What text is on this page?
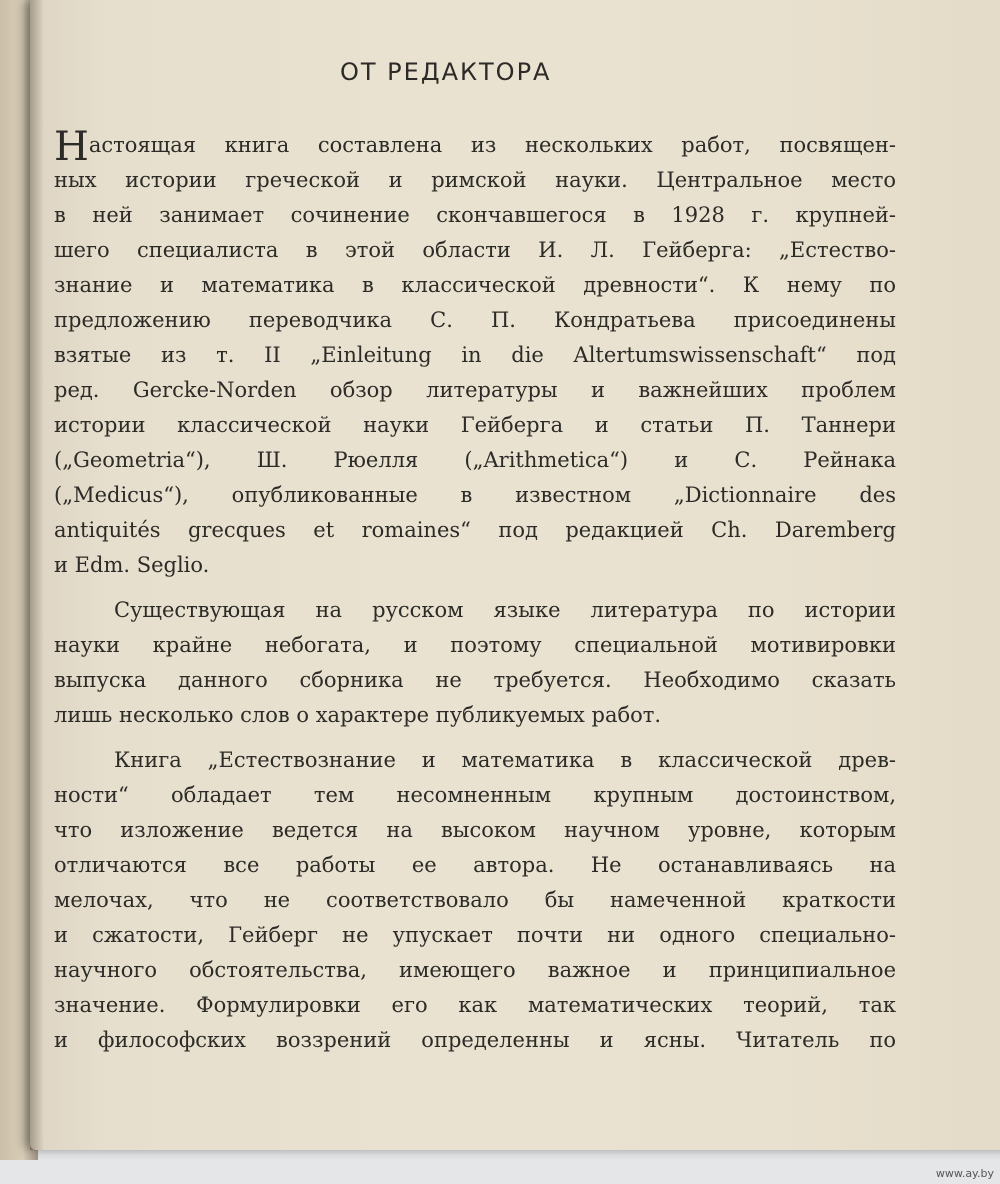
ОТ РЕДАКТОРА
Настоящая книга составлена из нескольких работ, посвящен-
ных истории греческой и римской науки. Центральное место
в ней занимает сочинение скончавшегося в 1928 г. крупней-
шего специалиста в этой области И. Л. Гейберга: „Естество-
знание и математика в классической древности“. К нему по
предложению переводчика С. П. Кондратьева присоединены
взятые из т. II „Einleitung in die Altertumswissenschaft“ под
ред. Gercke-Norden обзор литературы и важнейших проблем
истории классической науки Гейберга и статьи П. Таннери
(„Geometria“), Ш. Рюелля („Arithmetica“) и С. Рейнака
(„Medicus“), опубликованные в известном „Dictionnaire des
antiquités grecques et romaines“ под редакцией Ch. Daremberg
и Edm. Seglio.
Существующая на русском языке литература по истории
науки крайне небогата, и поэтому специальной мотивировки
выпуска данного сборника не требуется. Необходимо сказать
лишь несколько слов о характере публикуемых работ.
Книга „Естествознание и математика в классической древ-
ности“ обладает тем несомненным крупным достоинством,
что изложение ведется на высоком научном уровне, которым
отличаются все работы ее автора. Не останавливаясь на
мелочах, что не соответствовало бы намеченной краткости
и сжатости, Гейберг не упускает почти ни одного специально-
научного обстоятельства, имеющего важное и принципиальное
значение. Формулировки его как математических теорий, так
и философских воззрений определенны и ясны. Читатель по
www.ay.by
